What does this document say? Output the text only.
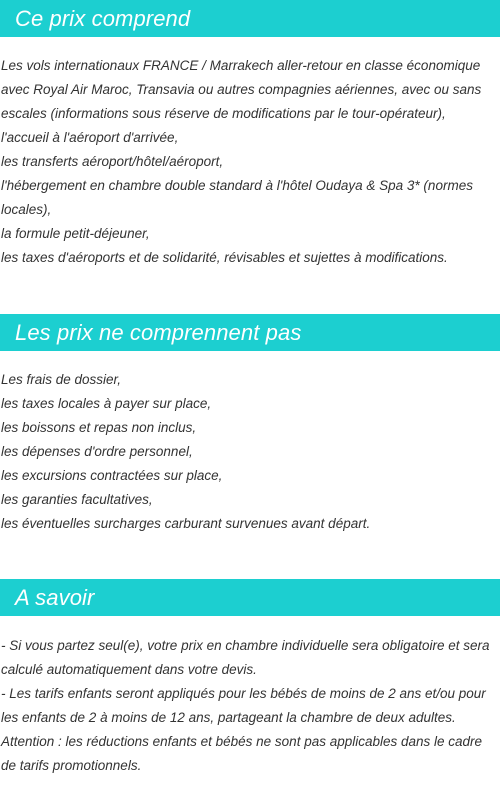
Ce prix comprend

Les vols internationaux FRANCE / Marrakech aller-retour en classe économique avec Royal Air Maroc, Transavia ou autres compagnies aériennes, avec ou sans escales (informations sous réserve de modifications par le tour-opérateur),

l'accueil à l'aéroport d'arrivée,

les transferts aéroport/hôtel/aéroport,

l'hébergement en chambre double standard à l'hôtel Oudaya & Spa 3* (normes locales),

la formule petit-déjeuner,

les taxes d'aéroports et de solidarité, révisables et sujettes à modifications.

Les prix ne comprennent pas

Les frais de dossier,

les taxes locales à payer sur place,

les boissons et repas non inclus,

les dépenses d'ordre personnel,

les excursions contractées sur place,

les garanties facultatives,

les éventuelles surcharges carburant survenues avant départ.

A savoir

- Si vous partez seul(e), votre prix en chambre individuelle sera obligatoire et sera calculé automatiquement dans votre devis.

- Les tarifs enfants seront appliqués pour les bébés de moins de 2 ans et/ou pour les enfants de 2 à moins de 12 ans, partageant la chambre de deux adultes.

Attention : les réductions enfants et bébés ne sont pas applicables dans le cadre de tarifs promotionnels.
